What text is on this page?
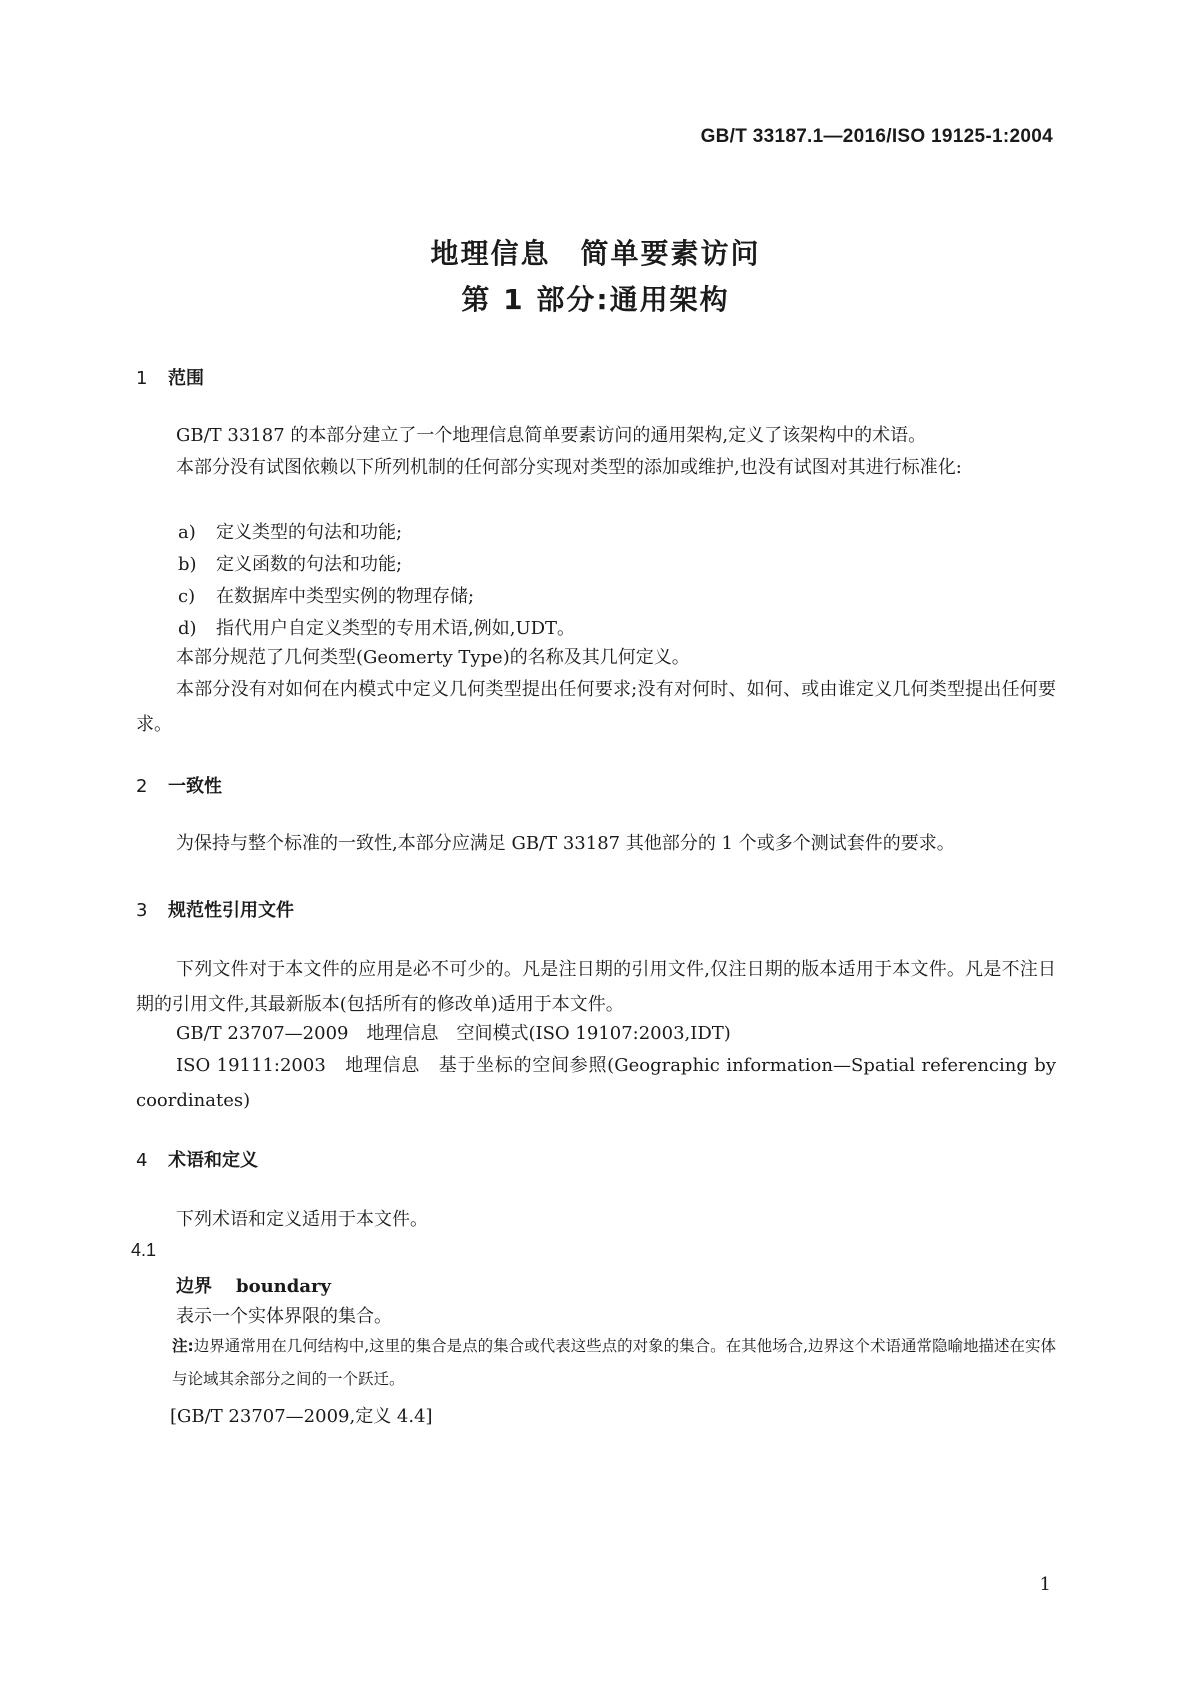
GB/T 33187.1—2016/ISO 19125-1:2004
地理信息　简单要素访问
第 1 部分:通用架构
1 范围
GB/T 33187 的本部分建立了一个地理信息简单要素访问的通用架构,定义了该架构中的术语。
本部分没有试图依赖以下所列机制的任何部分实现对类型的添加或维护,也没有试图对其进行标准化:
a) 定义类型的句法和功能;
b) 定义函数的句法和功能;
c) 在数据库中类型实例的物理存储;
d) 指代用户自定义类型的专用术语,例如,UDT。
本部分规范了几何类型(Geomerty Type)的名称及其几何定义。
本部分没有对如何在内模式中定义几何类型提出任何要求;没有对何时、如何、或由谁定义几何类型提出任何要求。
2 一致性
为保持与整个标准的一致性,本部分应满足 GB/T 33187 其他部分的 1 个或多个测试套件的要求。
3 规范性引用文件
下列文件对于本文件的应用是必不可少的。凡是注日期的引用文件,仅注日期的版本适用于本文件。凡是不注日期的引用文件,其最新版本(包括所有的修改单)适用于本文件。
GB/T 23707—2009　地理信息　空间模式(ISO 19107:2003,IDT)
ISO 19111:2003　地理信息　基于坐标的空间参照(Geographic information—Spatial referencing by coordinates)
4 术语和定义
下列术语和定义适用于本文件。
4.1
边界 boundary
表示一个实体界限的集合。
注:边界通常用在几何结构中,这里的集合是点的集合或代表这些点的对象的集合。在其他场合,边界这个术语通常隐喻地描述在实体与论域其余部分之间的一个跃迁。
[GB/T 23707—2009,定义 4.4]
1
